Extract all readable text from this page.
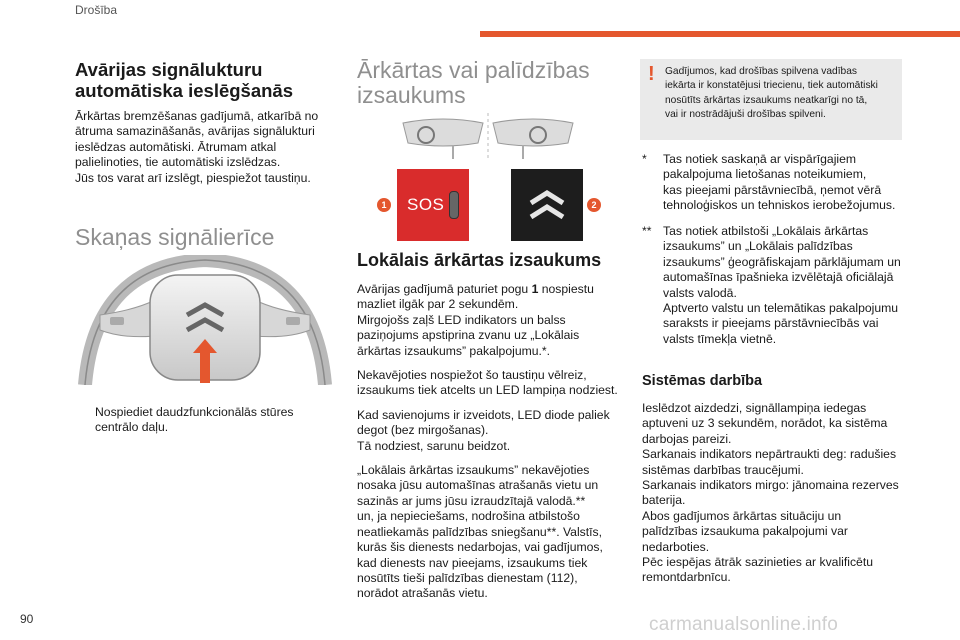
Drošība
Avārijas signālukturu
automātiska ieslēgšanās
Ārkārtas bremzēšanas gadījumā, atkarībā no
ātruma samazināšanās, avārijas signālukturi
ieslēdzas automātiski. Ātrumam atkal
palielinoties, tie automātiski izslēdzas.
Jūs tos varat arī izslēgt, piespiežot taustiņu.
Skaņas signālierīce
Nospiediet daudzfunkcionālās stūres
centrālo daļu.
Ārkārtas vai palīdzības
izsaukums
SOS
1	2
Lokālais ārkārtas izsaukums

Avārijas gadījumā paturiet pogu 1 nospiestu
mazliet ilgāk par 2 sekundēm.
Mirgojošs zaļš LED indikators un balss
paziņojums apstiprina zvanu uz „Lokālais
ārkārtas izsaukums” pakalpojumu.*.

Nekavējoties nospiežot šo taustiņu vēlreiz,
izsaukums tiek atcelts un LED lampiņa nodziest.

Kad savienojums ir izveidots, LED diode paliek
degot (bez mirgošanas).
Tā nodziest, sarunu beidzot.

„Lokālais ārkārtas izsaukums” nekavējoties
nosaka jūsu automašīnas atrašanās vietu un
sazinās ar jums jūsu izraudzītajā valodā.**
un, ja nepieciešams, nodrošina atbilstošo
neatliekamās palīdzības sniegšanu**. Valstīs,
kurās šis dienests nedarbojas, vai gadījumos,
kad dienests nav pieejams, izsaukums tiek
nosūtīts tieši palīdzības dienestam (112),
norādot atrašanās vietu.

! Gadījumos, kad drošības spilvena vadības
iekārta ir konstatējusi triecienu, tiek automātiski
nosūtīts ārkārtas izsaukums neatkarīgi no tā,
vai ir nostrādājuši drošības spilveni.
* Tas notiek saskaņā ar vispārīgajiem
pakalpojuma lietošanas noteikumiem,
kas pieejami pārstāvniecībā, ņemot vērā
tehnoloģiskos un tehniskos ierobežojumus.
** Tas notiek atbilstoši „Lokālais ārkārtas
izsaukums” un „Lokālais palīdzības
izsaukums” ģeogrāfiskajam pārklājumam un
automašīnas īpašnieka izvēlētajā oficiālajā
valsts valodā.
Aptverto valstu un telemātikas pakalpojumu
saraksts ir pieejams pārstāvniecībās vai
valsts tīmekļa vietnē.
Sistēmas darbība
Ieslēdzot aizdedzi, signāllampiņa iedegas
aptuveni uz 3 sekundēm, norādot, ka sistēma
darbojas pareizi.
Sarkanais indikators nepārtraukti deg: radušies
sistēmas darbības traucējumi.
Sarkanais indikators mirgo: jānomaina rezerves
baterija.
Abos gadījumos ārkārtas situāciju un
palīdzības izsaukuma pakalpojumi var
nedarboties.
Pēc iespējas ātrāk sazinieties ar kvalificētu
remontdarbnīcu.
90	carmanualsonline.info
